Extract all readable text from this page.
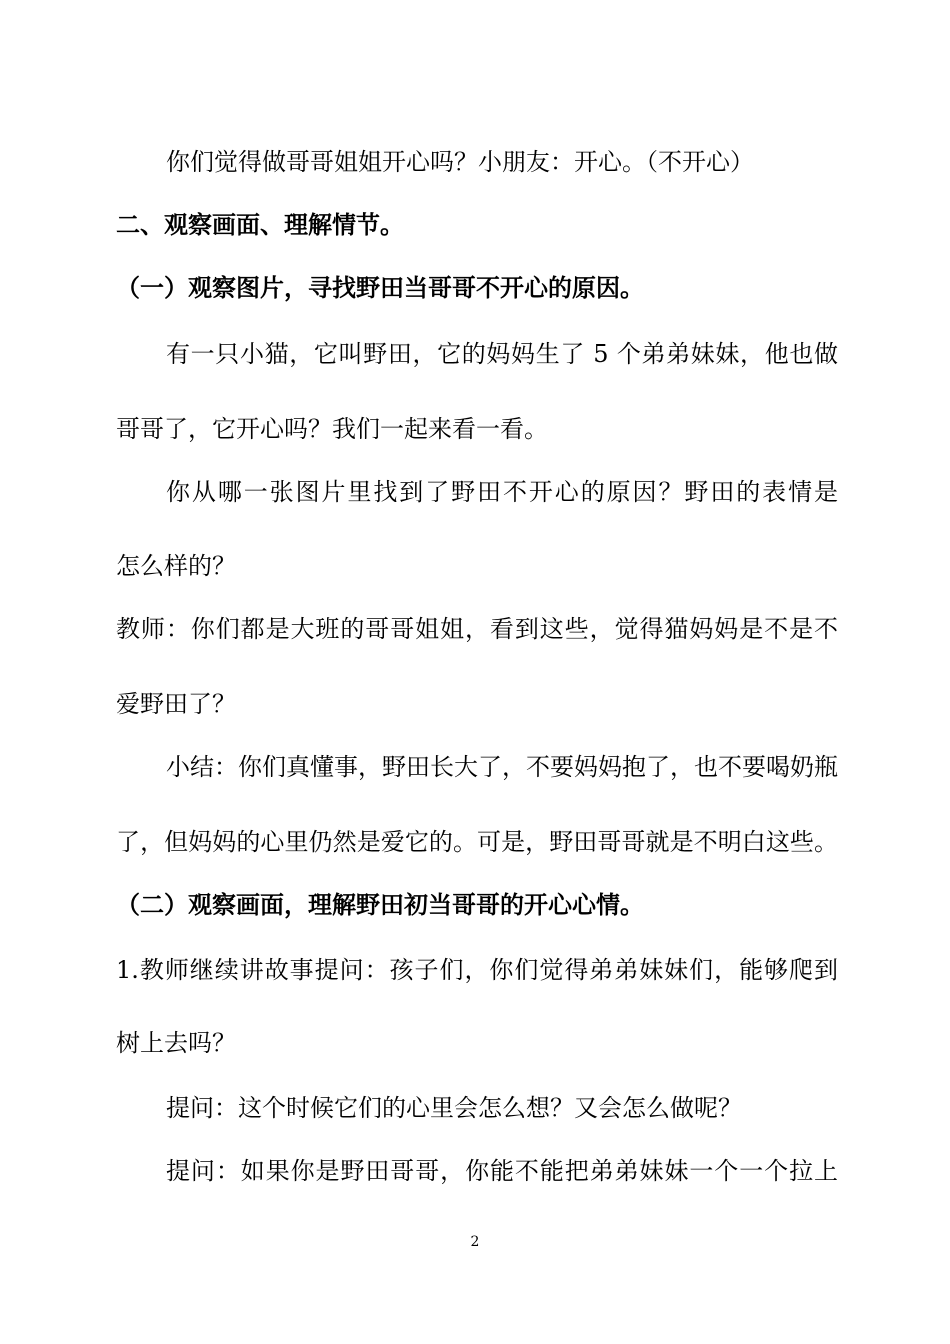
你们觉得做哥哥姐姐开心吗？小朋友：开心。（不开心）
二、观察画面、理解情节。
（一）观察图片，寻找野田当哥哥不开心的原因。
有一只小猫，它叫野田，它的妈妈生了 5 个弟弟妹妹，他也做
哥哥了，它开心吗？我们一起来看一看。
你从哪一张图片里找到了野田不开心的原因？野田的表情是
怎么样的？
教师：你们都是大班的哥哥姐姐，看到这些，觉得猫妈妈是不是不
爱野田了？
小结：你们真懂事，野田长大了，不要妈妈抱了，也不要喝奶瓶
了，但妈妈的心里仍然是爱它的。可是，野田哥哥就是不明白这些。
（二）观察画面，理解野田初当哥哥的开心心情。
1.教师继续讲故事提问：孩子们，你们觉得弟弟妹妹们，能够爬到
树上去吗？
提问：这个时候它们的心里会怎么想？又会怎么做呢？
提问：如果你是野田哥哥，你能不能把弟弟妹妹一个一个拉上
2
